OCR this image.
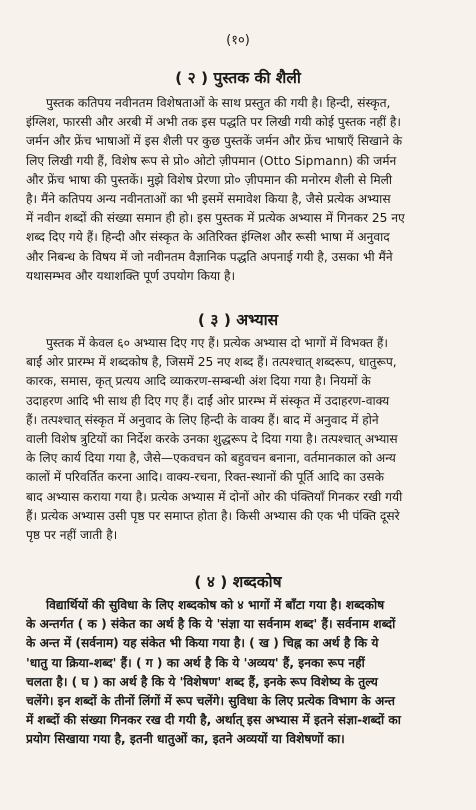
(१०)
( २ ) पुस्तक की शैली

पुस्तक कतिपय नवीनतम विशेषताओं के साथ प्रस्तुत की गयी है। हिन्दी, संस्कृत,
इंग्लिश, फारसी और अरबी में अभी तक इस पद्धति पर लिखी गयी कोई पुस्तक नहीं है।
जर्मन और फ्रेंच भाषाओं में इस शैली पर कुछ पुस्तकें जर्मन और फ्रेंच भाषाएँ सिखाने के
लिए लिखी गयी हैं, विशेष रूप से प्रो० ओटो ज़ीपमान (Otto Sipmann) की जर्मन
और फ्रेंच भाषा की पुस्तकें। मुझे विशेष प्रेरणा प्रो० ज़ीपमान की मनोरम शैली से मिली
है। मैंने कतिपय अन्य नवीनताओं का भी इसमें समावेश किया है, जैसे प्रत्येक अभ्यास
में नवीन शब्दों की संख्या समान ही हो। इस पुस्तक में प्रत्येक अभ्यास में गिनकर 25 नए
शब्द दिए गये हैं। हिन्दी और संस्कृत के अतिरिक्त इंग्लिश और रूसी भाषा में अनुवाद
और निबन्ध के विषय में जो नवीनतम वैज्ञानिक पद्धति अपनाई गयी है, उसका भी मैंने
यथासम्भव और यथाशक्ति पूर्ण उपयोग किया है।

( ३ ) अभ्यास

पुस्तक में केवल ६० अभ्यास दिए गए हैं। प्रत्येक अभ्यास दो भागों में विभक्त हैं।
बाईं ओर प्रारम्भ में शब्दकोष है, जिसमें 25 नए शब्द हैं। तत्पश्चात् शब्दरूप, धातुरूप,
कारक, समास, कृत् प्रत्यय आदि व्याकरण-सम्बन्धी अंश दिया गया है। नियमों के
उदाहरण आदि भी साथ ही दिए गए हैं। दाईं ओर प्रारम्भ में संस्कृत में उदाहरण-वाक्य
हैं। तत्पश्चात् संस्कृत में अनुवाद के लिए हिन्दी के वाक्य हैं। बाद में अनुवाद में होने
वाली विशेष त्रुटियों का निर्देश करके उनका शुद्धरूप दे दिया गया है। तत्पश्चात् अभ्यास
के लिए कार्य दिया गया है, जैसे—एकवचन को बहुवचन बनाना, वर्तमानकाल को अन्य
कालों में परिवर्तित करना आदि। वाक्य-रचना, रिक्त-स्थानों की पूर्ति आदि का उसके
बाद अभ्यास कराया गया है। प्रत्येक अभ्यास में दोनों ओर की पंक्तियाँ गिनकर रखी गयी
हैं। प्रत्येक अभ्यास उसी पृष्ठ पर समाप्त होता है। किसी अभ्यास की एक भी पंक्ति दूसरे
पृष्ठ पर नहीं जाती है।

( ४ ) शब्दकोष

विद्यार्थियों की सुविधा के लिए शब्दकोष को ४ भागों में बाँटा गया है। शब्दकोष
के अन्तर्गत ( क ) संकेत का अर्थ है कि ये 'संज्ञा या सर्वनाम शब्द' हैं। सर्वनाम शब्दों
के अन्त में (सर्वनाम) यह संकेत भी किया गया है। ( ख ) चिह्न का अर्थ है कि ये
'धातु या क्रिया-शब्द' हैं। ( ग ) का अर्थ है कि ये 'अव्यय' हैं, इनका रूप नहीं
चलता है। ( घ ) का अर्थ है कि ये 'विशेषण' शब्द हैं, इनके रूप विशेष्य के तुल्य
चलेंगे। इन शब्दों के तीनों लिंगों में रूप चलेंगे। सुविधा के लिए प्रत्येक विभाग के अन्त
में शब्दों की संख्या गिनकर रख दी गयी है, अर्थात् इस अभ्यास में इतने संज्ञा-शब्दों का
प्रयोग सिखाया गया है, इतनी धातुओं का, इतने अव्ययों या विशेषणों का।
